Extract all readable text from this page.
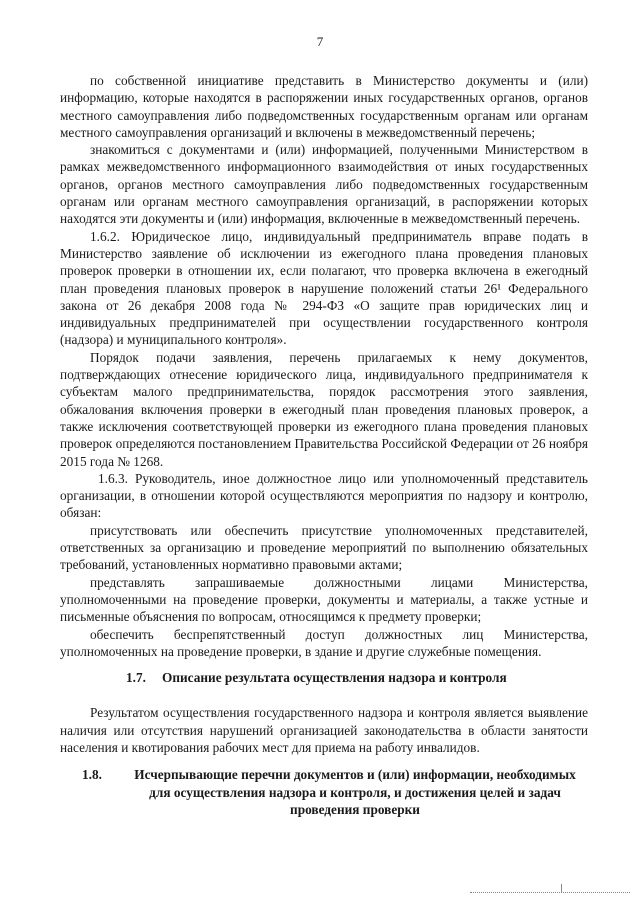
7

по собственной инициативе представить в Министерство документы и (или) информацию, которые находятся в распоряжении иных государственных органов, органов местного самоуправления либо подведомственных государственным органам или органам местного самоуправления организаций и включены в межведомственный перечень;

знакомиться с документами и (или) информацией, полученными Министерством в рамках межведомственного информационного взаимодействия от иных государственных органов, органов местного самоуправления либо подведомственных государственным органам или органам местного самоуправления организаций, в распоряжении которых находятся эти документы и (или) информация, включенные в межведомственный перечень.

1.6.2. Юридическое лицо, индивидуальный предприниматель вправе подать в Министерство заявление об исключении из ежегодного плана проведения плановых проверок проверки в отношении их, если полагают, что проверка включена в ежегодный план проведения плановых проверок в нарушение положений статьи 26¹ Федерального закона от 26 декабря 2008 года № 294-ФЗ «О защите прав юридических лиц и индивидуальных предпринимателей при осуществлении государственного контроля (надзора) и муниципального контроля».

Порядок подачи заявления, перечень прилагаемых к нему документов, подтверждающих отнесение юридического лица, индивидуального предпринимателя к субъектам малого предпринимательства, порядок рассмотрения этого заявления, обжалования включения проверки в ежегодный план проведения плановых проверок, а также исключения соответствующей проверки из ежегодного плана проведения плановых проверок определяются постановлением Правительства Российской Федерации от 26 ноября 2015 года № 1268.

1.6.3. Руководитель, иное должностное лицо или уполномоченный представитель организации, в отношении которой осуществляются мероприятия по надзору и контролю, обязан:

присутствовать или обеспечить присутствие уполномоченных представителей, ответственных за организацию и проведение мероприятий по выполнению обязательных требований, установленных нормативно правовыми актами;

представлять запрашиваемые должностными лицами Министерства, уполномоченными на проведение проверки, документы и материалы, а также устные и письменные объяснения по вопросам, относящимся к предмету проверки;

обеспечить беспрепятственный доступ должностных лиц Министерства, уполномоченных на проведение проверки, в здание и другие служебные помещения.

1.7. Описание результата осуществления надзора и контроля

Результатом осуществления государственного надзора и контроля является выявление наличия или отсутствия нарушений организацией законодательства в области занятости населения и квотирования рабочих мест для приема на работу инвалидов.

1.8.	Исчерпывающие перечни документов и (или) информации, необходимых для осуществления надзора и контроля, и достижения целей и задач проведения проверки
